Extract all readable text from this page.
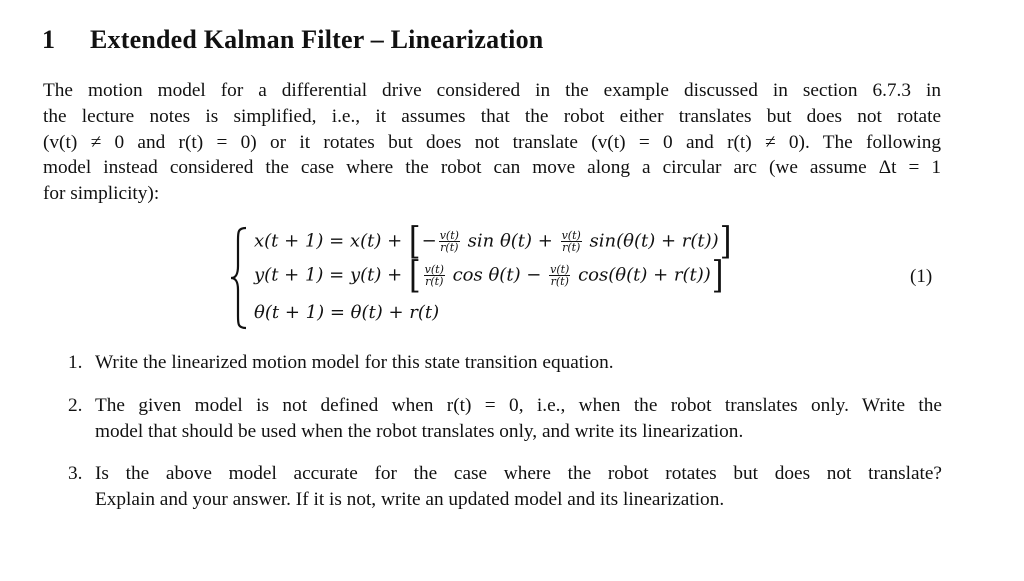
1 Extended Kalman Filter – Linearization
The motion model for a differential drive considered in the example discussed in section 6.7.3 in
the lecture notes is simplified, i.e., it assumes that the robot either translates but does not rotate
(v(t) ≠ 0 and r(t) = 0) or it rotates but does not translate (v(t) = 0 and r(t) ≠ 0). The following
model instead considered the case where the robot can move along a circular arc (we assume Δt = 1
for simplicity):
x(t + 1) = x(t) + [− $\frac{v(t)}{r(t)}$ $\sin \theta(t) + \frac{v(t)}{r(t)} \sin(\theta(t) + r(t))$]
y(t + 1) = y(t) + [ $\frac{v(t)}{r(t)}$ $\cos \theta(t) - \frac{v(t)}{r(t)} \cos(\theta(t) + r(t))$]
θ(t + 1) = θ(t) + r(t)
(1)
1. Write the linearized motion model for this state transition equation.
2. The given model is not defined when r(t) = 0, i.e., when the robot translates only. Write the
model that should be used when the robot translates only, and write its linearization.
3. Is the above model accurate for the case where the robot rotates but does not translate?
Explain and your answer. If it is not, write an updated model and its linearization.
